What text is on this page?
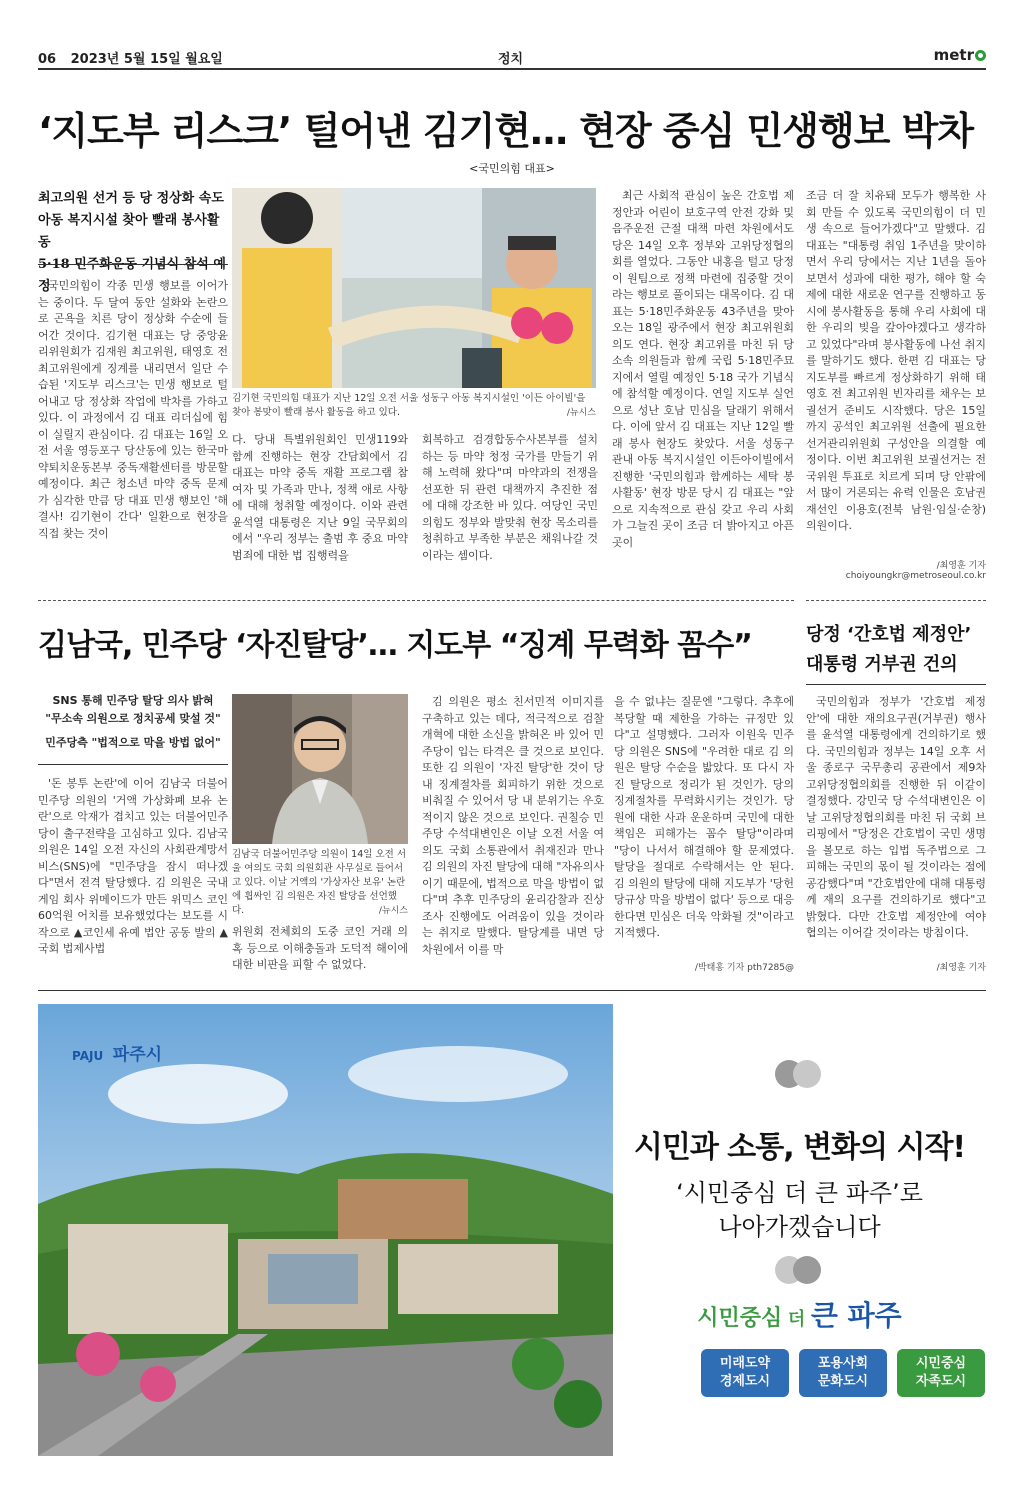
06 2023년 5월 15일 월요일	정치	metr
‘지도부 리스크’ 털어낸 김기현… 현장 중심 민생행보 박차
<국민의힘 대표>
최고의원 선거 등 당 정상화 속도
아동 복지시설 찾아 빨래 봉사활동
5·18 민주화운동 기념식 참석 예정

국민의힘이 각종 민생 행보를 이어가는 중이다. 두 달여 동안 설화와 논란으로 곤욕을 치른 당이 정상화 수순에 들어간 것이다. 김기현 대표는 당 중앙윤리위원회가 김재원 최고위원, 태영호 전 최고위원에게 징계를 내리면서 일단 수습된 '지도부 리스크'는 민생 행보로 털어내고 당 정상화 작업에 박차를 가하고 있다. 이 과정에서 김 대표 리더십에 힘이 실릴지 관심이다. 김 대표는 16일 오전 서울 영등포구 당산동에 있는 한국마약퇴치운동본부 중독재활센터를 방문할 예정이다. 최근 청소년 마약 중독 문제가 심각한 만큼 당 대표 민생 행보인 '해결사! 김기현이 간다' 일환으로 현장을 직접 찾는 것이

김기현 국민의힘 대표가 지난 12일 오전 서울 성동구 아동 복지시설인 '이든 아이빌'을 찾아 봉맞이 빨래 봉사 활동을 하고 있다.	/뉴시스

다. 당내 특별위원회인 민생119와 함께 진행하는 현장 간담회에서 김 대표는 마약 중독 재활 프로그램 참여자 및 가족과 만나, 정책 애로 사항에 대해 청취할 예정이다. 이와 관련 윤석열 대통령은 지난 9일 국무회의에서 "우리 정부는 출범 후 중요 마약범죄에 대한 법 집행력을

회복하고 검경합동수사본부를 설치하는 등 마약 청정 국가를 만들기 위해 노력해 왔다"며 마약과의 전쟁을 선포한 뒤 관련 대책까지 추진한 점에 대해 강조한 바 있다. 여당인 국민의힘도 정부와 발맞춰 현장 목소리를 청취하고 부족한 부분은 채워나갈 것이라는 셈이다.

최근 사회적 관심이 높은 간호법 제정안과 어린이 보호구역 안전 강화 및 음주운전 근절 대책 마련 차원에서도 당은 14일 오후 정부와 고위당정협의회를 열었다. 그동안 내홍을 털고 당정이 원팀으로 정책 마련에 집중할 것이라는 행보로 풀이되는 대목이다. 김 대표는 5·18민주화운동 43주년을 맞아 오는 18일 광주에서 현장 최고위원회의도 연다. 현장 최고위를 마친 뒤 당 소속 의원들과 함께 국립 5·18민주묘지에서 열릴 예정인 5·18 국가 기념식에 참석할 예정이다. 연일 지도부 실언으로 성난 호남 민심을 달래기 위해서다. 이에 앞서 김 대표는 지난 12일 빨래 봉사 현장도 찾았다. 서울 성동구 관내 아동 복지시설인 이든아이빌에서 진행한 '국민의힘과 함께하는 세탁 봉사활동' 현장 방문 당시 김 대표는 "앞으로 지속적으로 관심 갖고 우리 사회가 그늘진 곳이 조금 더 밝아지고 아픈 곳이

조금 더 잘 치유돼 모두가 행복한 사회 만들 수 있도록 국민의힘이 더 민생 속으로 들어가겠다"고 말했다. 김 대표는 "대통령 취임 1주년을 맞이하면서 우리 당에서는 지난 1년을 돌아보면서 성과에 대한 평가, 해야 할 숙제에 대한 새로운 연구를 진행하고 동시에 봉사활동을 통해 우리 사회에 대한 우리의 빚을 갚아야겠다고 생각하고 있었다"라며 봉사활동에 나선 취지를 말하기도 했다. 한편 김 대표는 당 지도부를 빠르게 정상화하기 위해 태영호 전 최고위원 빈자리를 채우는 보궐선거 준비도 시작했다. 당은 15일까지 공석인 최고위원 선출에 필요한 선거관리위원회 구성안을 의결할 예정이다. 이번 최고위원 보궐선거는 전국위원 투표로 치르게 되며 당 안팎에서 많이 거론되는 유력 인물은 호남권 재선인 이용호(전북 남원·임실·순창) 의원이다.

/최영훈 기자 choiyoungkr@metroseoul.co.kr
김남국, 민주당 ‘자진탈당’… 지도부 “징계 무력화 꼼수”
SNS 통해 민주당 탈당 의사 밝혀
"무소속 의원으로 정치공세 맞설 것"
민주당측 "법적으로 막을 방법 없어"

'돈 봉투 논란'에 이어 김남국 더불어민주당 의원의 '거액 가상화폐 보유 논란'으로 악재가 겹치고 있는 더불어민주당이 출구전략을 고심하고 있다. 김남국 의원은 14일 오전 자신의 사회관계망서비스(SNS)에 "민주당을 잠시 떠나겠다"면서 전격 탈당했다. 김 의원은 국내 게임 회사 위메이드가 만든 위믹스 코인 60억원 어치를 보유했었다는 보도를 시작으로 ▲코인세 유예 법안 공동 발의 ▲국회 법제사법

김남국 더불어민주당 의원이 14일 오전 서울 여의도 국회 의원회관 사무실로 들어서고 있다. 이날 거액의 '가상자산 보유' 논란에 휩싸인 김 의원은 자진 탈당을 선언했다.	/뉴시스

위원회 전체회의 도중 코인 거래 의혹 등으로 이해충돌과 도덕적 해이에 대한 비판을 피할 수 없었다.

김 의원은 평소 친서민적 이미지를 구축하고 있는 데다, 적극적으로 검찰 개혁에 대한 소신을 밝혀온 바 있어 민주당이 입는 타격은 클 것으로 보인다. 또한 김 의원이 '자진 탈당'한 것이 당 내 징계절차를 회피하기 위한 것으로 비춰질 수 있어서 당 내 분위기는 우호적이지 않은 것으로 보인다. 권칠승 민주당 수석대변인은 이날 오전 서울 여의도 국회 소통관에서 취재진과 만나 김 의원의 자진 탈당에 대해 "자유의사이기 때문에, 법적으로 막을 방법이 없다"며 추후 민주당의 윤리감찰과 진상조사 진행에도 어려움이 있을 것이라는 취지로 말했다. 탈당계를 내면 당 차원에서 이를 막

을 수 없냐는 질문엔 "그렇다. 추후에 복당할 때 제한을 가하는 규정만 있다"고 설명했다. 그러자 이원욱 민주당 의원은 SNS에 "우려한 대로 김 의원은 탈당 수순을 밟았다. 또 다시 자진 탈당으로 정리가 된 것인가. 당의 징계절차를 무력화시키는 것인가. 당원에 대한 사과 운운하며 국민에 대한 책임은 피해가는 꼼수 탈당"이라며 "당이 나서서 해결해야 할 문제였다. 탈당을 절대로 수락해서는 안 된다. 김 의원의 탈당에 대해 지도부가 '당헌당규상 막을 방법이 없다' 등으로 대응한다면 민심은 더욱 악화될 것"이라고 지적했다.

/박태홍 기자 pth7285@
당정 ‘간호법 제정안’
대통령 거부권 건의

국민의힘과 정부가 '간호법 제정안'에 대한 재의요구권(거부권) 행사를 윤석열 대통령에게 건의하기로 했다. 국민의힘과 정부는 14일 오후 서울 종로구 국무총리 공관에서 제9차 고위당정협의회를 진행한 뒤 이같이 결정했다. 강민국 당 수석대변인은 이날 고위당정협의회를 마친 뒤 국회 브리핑에서 "당정은 간호법이 국민 생명을 볼모로 하는 입법 독주법으로 그 피해는 국민의 몫이 될 것이라는 점에 공감했다"며 "간호법안에 대해 대통령께 재의 요구를 건의하기로 했다"고 밝혔다. 다만 간호법 제정안에 여야 협의는 이어갈 것이라는 방침이다.

/최영훈 기자
PAJU 파주시
시민과 소통, 변화의 시작!
‘시민중심 더 큰 파주’로
나아가겠습니다
시민중심 더 큰 파주
미래도약
경제도시
포용사회
문화도시
시민중심
자족도시
